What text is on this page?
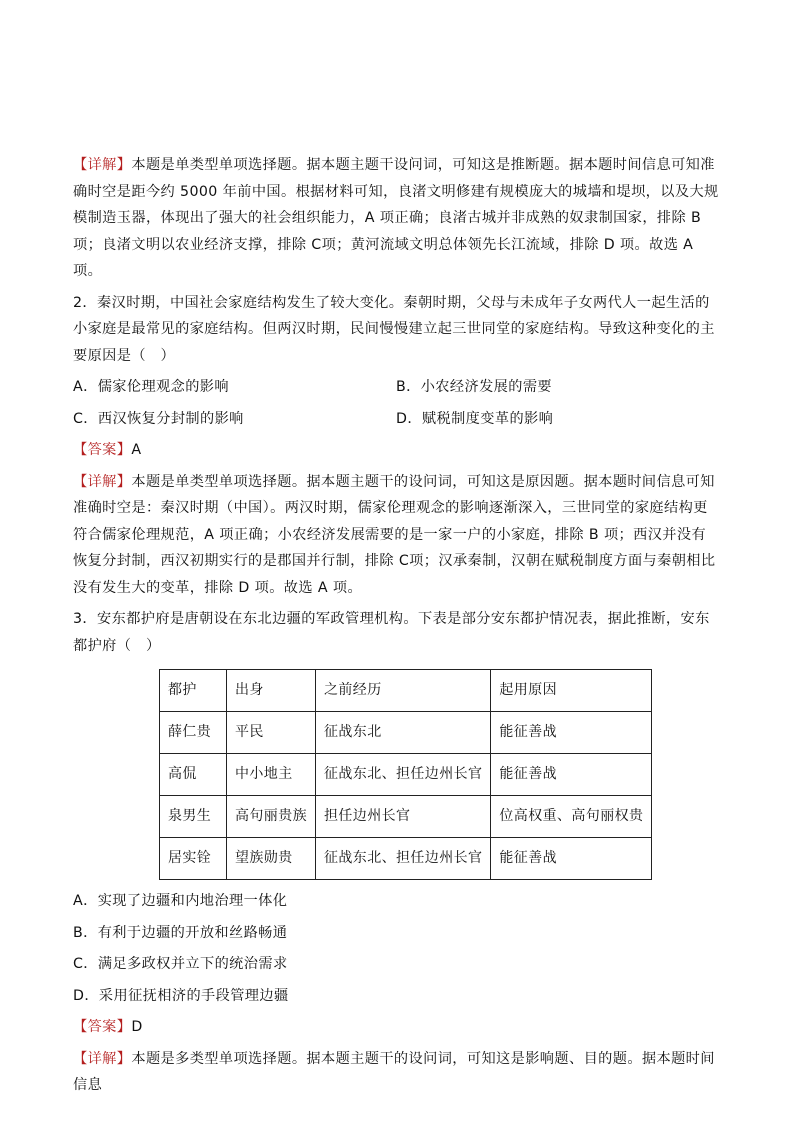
【详解】本题是单类型单项选择题。据本题主题干设问词，可知这是推断题。据本题时间信息可知准确时空是距今约 5000 年前中国。根据材料可知，良渚文明修建有规模庞大的城墙和堤坝，以及大规模制造玉器，体现出了强大的社会组织能力，A 项正确；良渚古城并非成熟的奴隶制国家，排除 B 项；良渚文明以农业经济支撑，排除 C项；黄河流域文明总体领先长江流域，排除 D 项。故选 A 项。

2．秦汉时期，中国社会家庭结构发生了较大变化。秦朝时期，父母与未成年子女两代人一起生活的小家庭是最常见的家庭结构。但两汉时期，民间慢慢建立起三世同堂的家庭结构。导致这种变化的主要原因是（　）

A．儒家伦理观念的影响	B．小农经济发展的需要
C．西汉恢复分封制的影响	D．赋税制度变革的影响

【答案】A

【详解】本题是单类型单项选择题。据本题主题干的设问词，可知这是原因题。据本题时间信息可知准确时空是：秦汉时期（中国）。两汉时期，儒家伦理观念的影响逐渐深入，三世同堂的家庭结构更符合儒家伦理规范，A 项正确；小农经济发展需要的是一家一户的小家庭，排除 B 项；西汉并没有恢复分封制，西汉初期实行的是郡国并行制，排除 C项；汉承秦制，汉朝在赋税制度方面与秦朝相比没有发生大的变革，排除 D 项。故选 A 项。

3．安东都护府是唐朝设在东北边疆的军政管理机构。下表是部分安东都护情况表，据此推断，安东都护府（　）

都护	出身	之前经历	起用原因
薛仁贵	平民	征战东北	能征善战
高侃	中小地主	征战东北、担任边州长官	能征善战
泉男生	高句丽贵族	担任边州长官	位高权重、高句丽权贵
居实铨	望族勋贵	征战东北、担任边州长官	能征善战

A．实现了边疆和内地治理一体化

B．有利于边疆的开放和丝路畅通

C．满足多政权并立下的统治需求

D．采用征抚相济的手段管理边疆

【答案】D

【详解】本题是多类型单项选择题。据本题主题干的设问词，可知这是影响题、目的题。据本题时间信息
